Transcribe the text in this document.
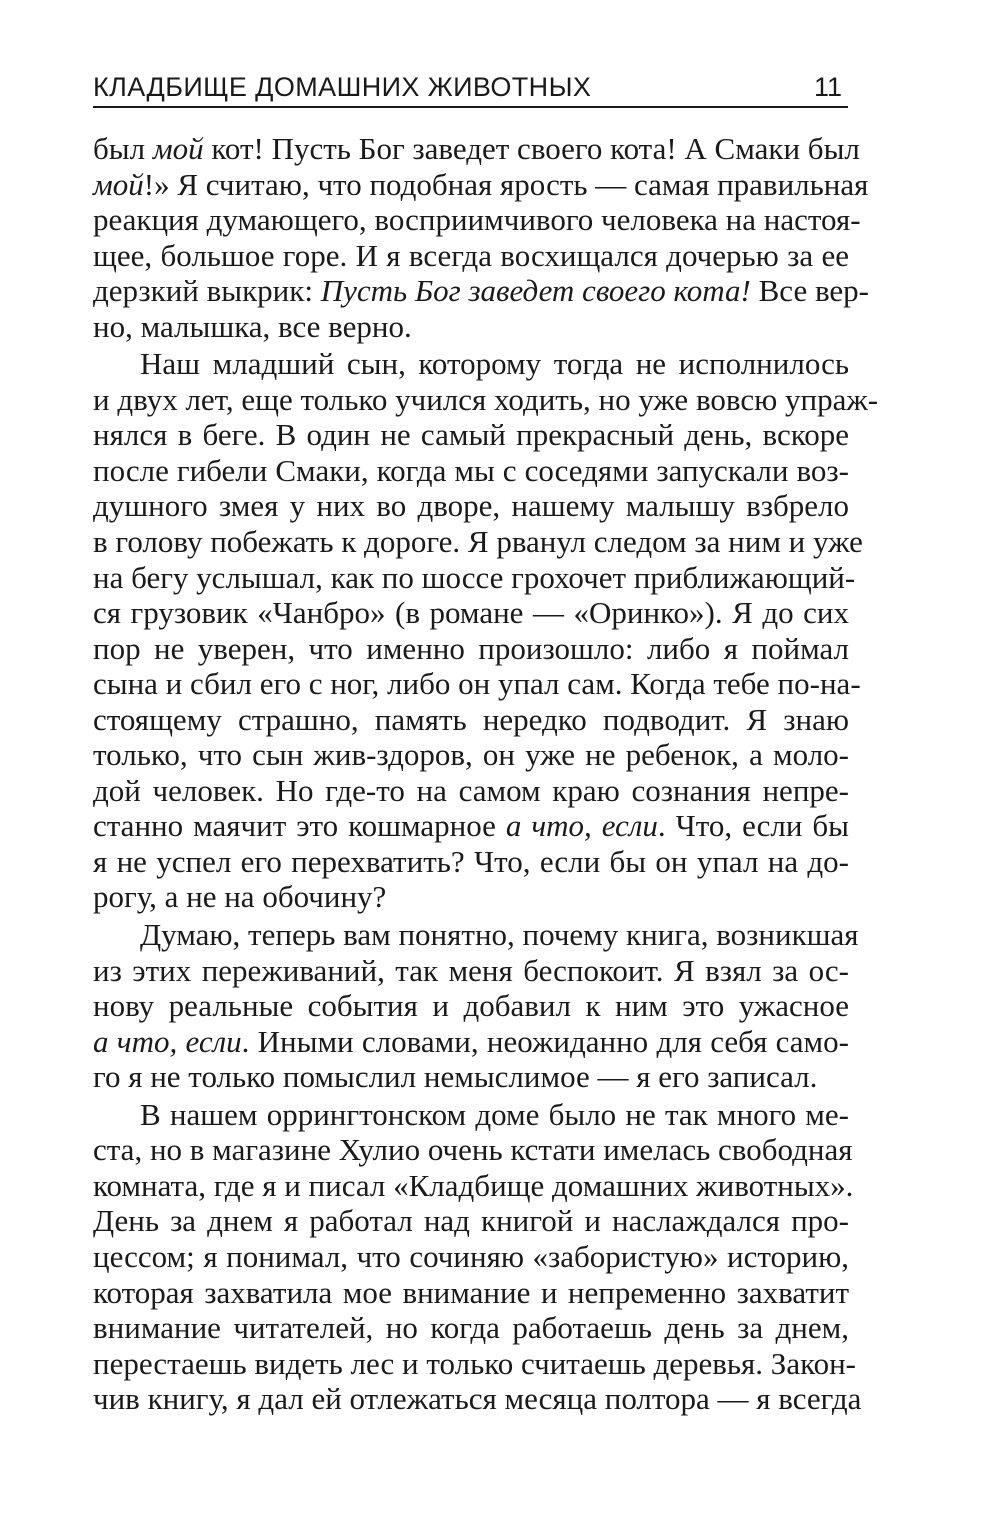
КЛАДБИЩЕ ДОМАШНИХ ЖИВОТНЫХ	11
был мой кот! Пусть Бог заведет своего кота! А Смаки был
мой!» Я считаю, что подобная ярость — самая правильная
реакция думающего, восприимчивого человека на настоя-
щее, большое горе. И я всегда восхищался дочерью за ее
дерзкий выкрик: Пусть Бог заведет своего кота! Все вер-
но, малышка, все верно.
Наш младший сын, которому тогда не исполнилось
и двух лет, еще только учился ходить, но уже вовсю упраж-
нялся в беге. В один не самый прекрасный день, вскоре
после гибели Смаки, когда мы с соседями запускали воз-
душного змея у них во дворе, нашему малышу взбрело
в голову побежать к дороге. Я рванул следом за ним и уже
на бегу услышал, как по шоссе грохочет приближающий-
ся грузовик «Чанбро» (в романе — «Оринко»). Я до сих
пор не уверен, что именно произошло: либо я поймал
сына и сбил его с ног, либо он упал сам. Когда тебе по-на-
стоящему страшно, память нередко подводит. Я знаю
только, что сын жив-здоров, он уже не ребенок, а моло-
дой человек. Но где-то на самом краю сознания непре-
станно маячит это кошмарное а что, если. Что, если бы
я не успел его перехватить? Что, если бы он упал на до-
рогу, а не на обочину?
Думаю, теперь вам понятно, почему книга, возникшая
из этих переживаний, так меня беспокоит. Я взял за ос-
нову реальные события и добавил к ним это ужасное
а что, если. Иными словами, неожиданно для себя само-
го я не только помыслил немыслимое — я его записал.
В нашем оррингтонском доме было не так много ме-
ста, но в магазине Хулио очень кстати имелась свободная
комната, где я и писал «Кладбище домашних животных».
День за днем я работал над книгой и наслаждался про-
цессом; я понимал, что сочиняю «забористую» историю,
которая захватила мое внимание и непременно захватит
внимание читателей, но когда работаешь день за днем,
перестаешь видеть лес и только считаешь деревья. Закон-
чив книгу, я дал ей отлежаться месяца полтора — я всегда
